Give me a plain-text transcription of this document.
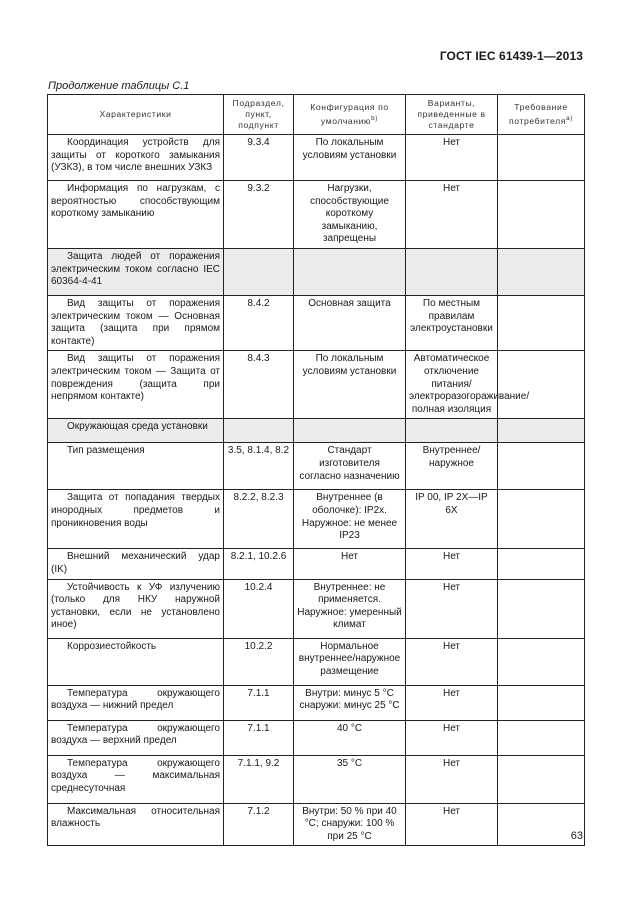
ГОСТ IEC 61439-1—2013
Продолжение таблицы С.1
Характеристики	Подраздел, пункт, подпункт	Конфигурация по умолчанию$^{b)}$	Варианты, приведенные в стандарте	Требование потребителя$^{a)}$
Координация устройств для защиты от короткого замыкания (УЗКЗ), в том числе внешних УЗКЗ	9.3.4	По локальным условиям установки	Нет	
Информация по нагрузкам, с вероятностью способствующим короткому замыканию	9.3.2	Нагрузки, способствующие короткому замыканию, запрещены	Нет	
Защита людей от поражения электрическим током согласно IEC 60364-4-41				
Вид защиты от поражения электрическим током — Основная защита (защита при прямом контакте)	8.4.2	Основная защита	По местным правилам электроустановки	
Вид защиты от поражения электрическим током — Защита от повреждения (защита при непрямом контакте)	8.4.3	По локальным условиям установки	Автоматическое отключение питания/электроразогораживание/полная изоляция	
Окружающая среда установки				
Тип размещения	3.5, 8.1.4, 8.2	Стандарт изготовителя согласно назначению	Внутреннее/наружное	
Защита от попадания твердых инородных предметов и проникновения воды	8.2.2, 8.2.3	Внутреннее (в оболочке): IP2x. Наружное: не менее IP23	IP 00, IP 2X—IP 6X	
Внешний механический удар (IK)	8.2.1, 10.2.6	Нет	Нет	
Устойчивость к УФ излучению (только для НКУ наружной установки, если не установлено иное)	10.2.4	Внутреннее: не применяется. Наружное: умеренный климат	Нет	
Коррозиестойкость	10.2.2	Нормальное внутреннее/наружное размещение	Нет	
Температура окружающего воздуха — нижний предел	7.1.1	Внутри: минус 5 °С снаружи: минус 25 °С	Нет	
Температура окружающего воздуха — верхний предел	7.1.1	40 °С	Нет	
Температура окружающего воздуха — максимальная среднесуточная	7.1.1, 9.2	35 °С	Нет	
Максимальная относительная влажность	7.1.2	Внутри: 50 % при 40 °С; снаружи: 100 % при 25 °С	Нет	
63
